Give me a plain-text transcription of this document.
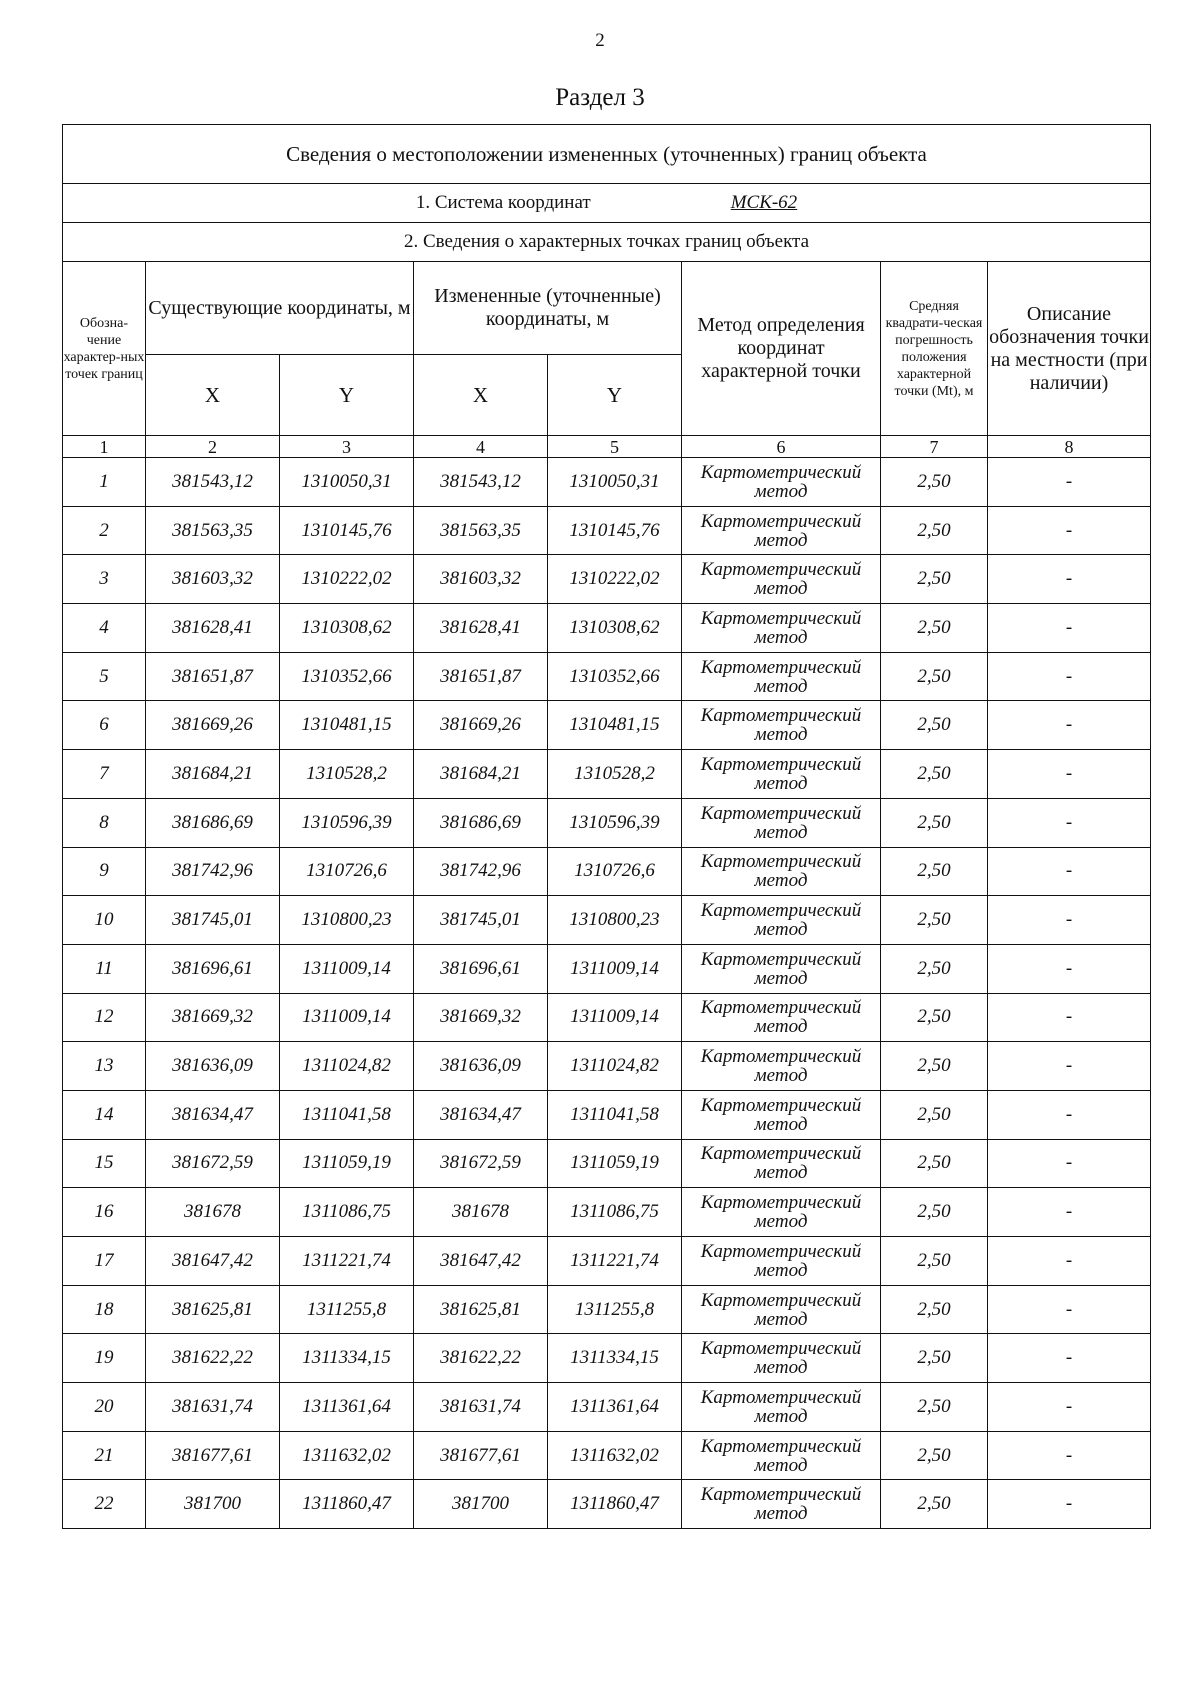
2
Раздел 3
Сведения о местоположении измененных (уточненных) границ объекта							
1. Система координат МСК-62							
2. Сведения о характерных точках границ объекта							
Обозна-чение характер-ных точек границ	Существующие координаты, м		Измененные (уточненные) координаты, м		Метод определения координат характерной точки	Средняя квадрати-ческая погрешность положения характерной точки (Mt), м	Описание обозначения точки на местности (при наличии)
	X	Y	X	Y			
1	2	3	4	5	6	7	8
1	381543,12	1310050,31	381543,12	1310050,31	Картометрический метод	2,50	-
2	381563,35	1310145,76	381563,35	1310145,76	Картометрический метод	2,50	-
3	381603,32	1310222,02	381603,32	1310222,02	Картометрический метод	2,50	-
4	381628,41	1310308,62	381628,41	1310308,62	Картометрический метод	2,50	-
5	381651,87	1310352,66	381651,87	1310352,66	Картометрический метод	2,50	-
6	381669,26	1310481,15	381669,26	1310481,15	Картометрический метод	2,50	-
7	381684,21	1310528,2	381684,21	1310528,2	Картометрический метод	2,50	-
8	381686,69	1310596,39	381686,69	1310596,39	Картометрический метод	2,50	-
9	381742,96	1310726,6	381742,96	1310726,6	Картометрический метод	2,50	-
10	381745,01	1310800,23	381745,01	1310800,23	Картометрический метод	2,50	-
11	381696,61	1311009,14	381696,61	1311009,14	Картометрический метод	2,50	-
12	381669,32	1311009,14	381669,32	1311009,14	Картометрический метод	2,50	-
13	381636,09	1311024,82	381636,09	1311024,82	Картометрический метод	2,50	-
14	381634,47	1311041,58	381634,47	1311041,58	Картометрический метод	2,50	-
15	381672,59	1311059,19	381672,59	1311059,19	Картометрический метод	2,50	-
16	381678	1311086,75	381678	1311086,75	Картометрический метод	2,50	-
17	381647,42	1311221,74	381647,42	1311221,74	Картометрический метод	2,50	-
18	381625,81	1311255,8	381625,81	1311255,8	Картометрический метод	2,50	-
19	381622,22	1311334,15	381622,22	1311334,15	Картометрический метод	2,50	-
20	381631,74	1311361,64	381631,74	1311361,64	Картометрический метод	2,50	-
21	381677,61	1311632,02	381677,61	1311632,02	Картометрический метод	2,50	-
22	381700	1311860,47	381700	1311860,47	Картометрический метод	2,50	-
